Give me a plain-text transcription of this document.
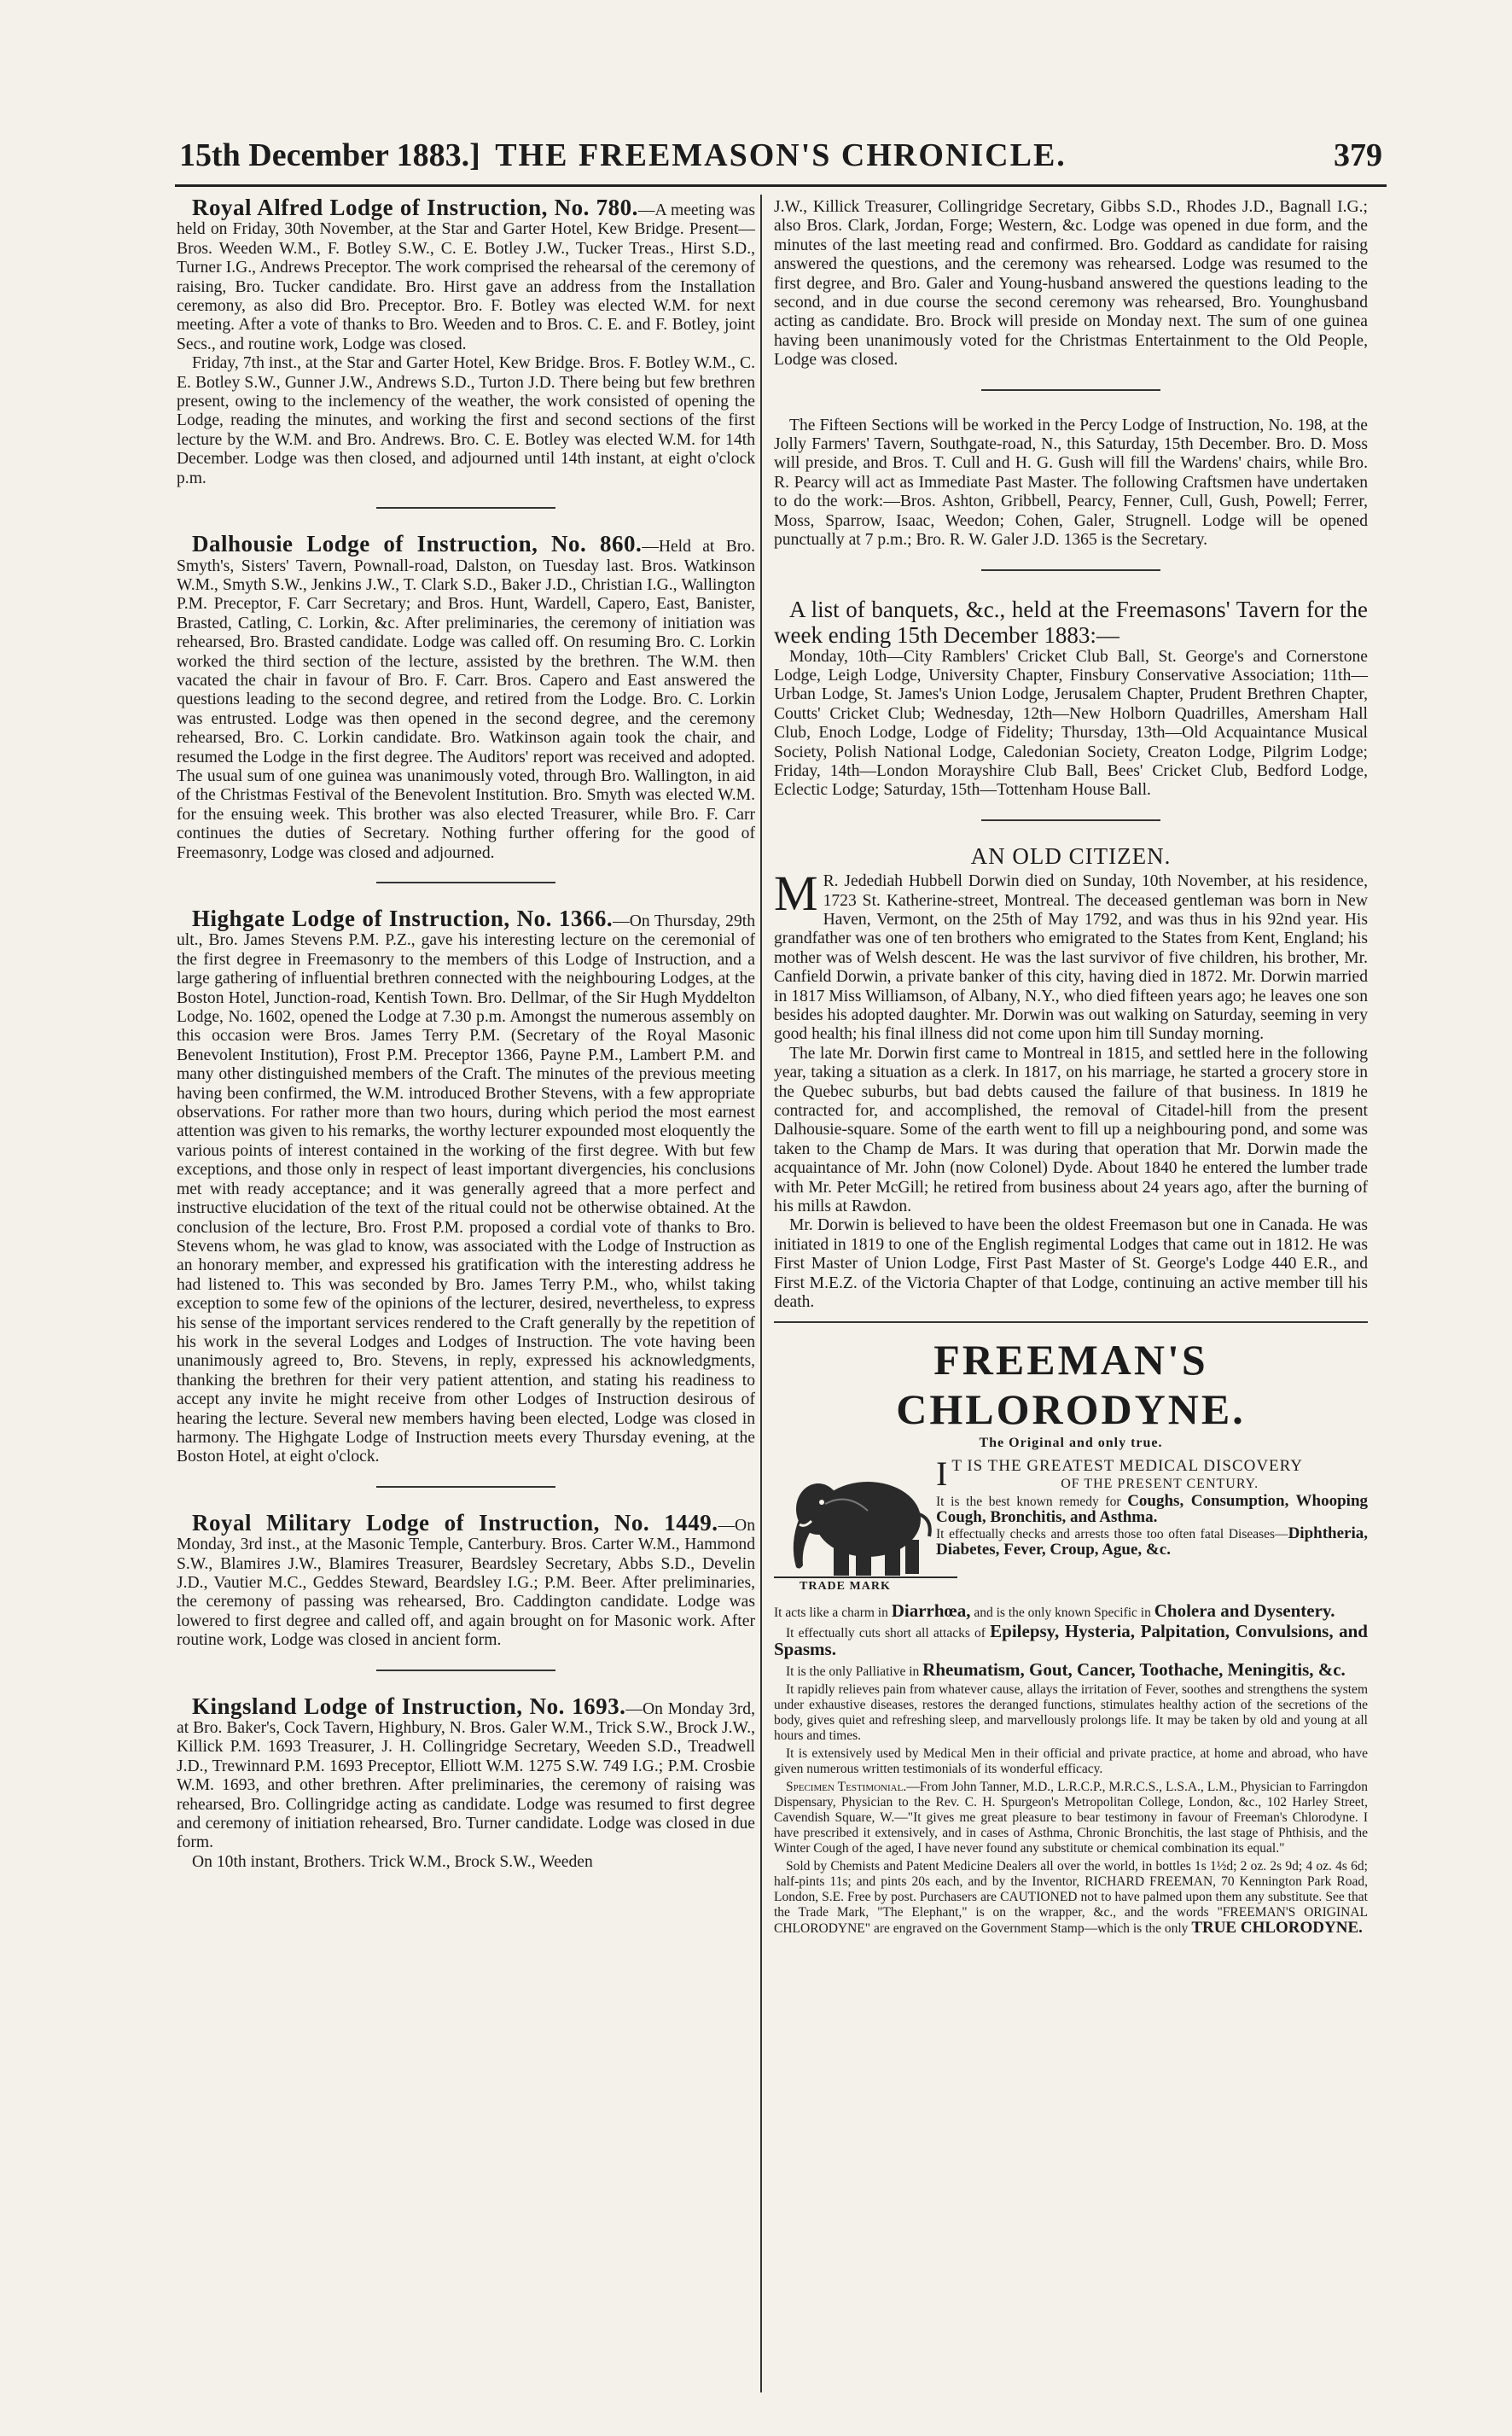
15th December 1883.] THE FREEMASON'S CHRONICLE.	379

Royal Alfred Lodge of Instruction, No. 780.—A meeting was held on Friday, 30th November, at the Star and Garter Hotel, Kew Bridge. Present—Bros. Weeden W.M., F. Botley S.W., C. E. Botley J.W., Tucker Treas., Hirst S.D., Turner I.G., Andrews Preceptor. The work comprised the rehearsal of the ceremony of raising, Bro. Tucker candidate. Bro. Hirst gave an address from the Installation ceremony, as also did Bro. Preceptor. Bro. F. Botley was elected W.M. for next meeting. After a vote of thanks to Bro. Weeden and to Bros. C. E. and F. Botley, joint Secs., and routine work, Lodge was closed.

Friday, 7th inst., at the Star and Garter Hotel, Kew Bridge. Bros. F. Botley W.M., C. E. Botley S.W., Gunner J.W., Andrews S.D., Turton J.D. There being but few brethren present, owing to the inclemency of the weather, the work consisted of opening the Lodge, reading the minutes, and working the first and second sections of the first lecture by the W.M. and Bro. Andrews. Bro. C. E. Botley was elected W.M. for 14th December. Lodge was then closed, and adjourned until 14th instant, at eight o'clock p.m.

Dalhousie Lodge of Instruction, No. 860.—Held at Bro. Smyth's, Sisters' Tavern, Pownall-road, Dalston, on Tuesday last. Bros. Watkinson W.M., Smyth S.W., Jenkins J.W., T. Clark S.D., Baker J.D., Christian I.G., Wallington P.M. Preceptor, F. Carr Secretary; and Bros. Hunt, Wardell, Capero, East, Banister, Brasted, Catling, C. Lorkin, &c. After preliminaries, the ceremony of initiation was rehearsed, Bro. Brasted candidate. Lodge was called off. On resuming Bro. C. Lorkin worked the third section of the lecture, assisted by the brethren. The W.M. then vacated the chair in favour of Bro. F. Carr. Bros. Capero and East answered the questions leading to the second degree, and retired from the Lodge. Bro. C. Lorkin was entrusted. Lodge was then opened in the second degree, and the ceremony rehearsed, Bro. C. Lorkin candidate. Bro. Watkinson again took the chair, and resumed the Lodge in the first degree. The Auditors' report was received and adopted. The usual sum of one guinea was unanimously voted, through Bro. Wallington, in aid of the Christmas Festival of the Benevolent Institution. Bro. Smyth was elected W.M. for the ensuing week. This brother was also elected Treasurer, while Bro. F. Carr continues the duties of Secretary. Nothing further offering for the good of Freemasonry, Lodge was closed and adjourned.

Highgate Lodge of Instruction, No. 1366.—On Thursday, 29th ult., Bro. James Stevens P.M. P.Z., gave his interesting lecture on the ceremonial of the first degree in Freemasonry to the members of this Lodge of Instruction, and a large gathering of influential brethren connected with the neighbouring Lodges, at the Boston Hotel, Junction-road, Kentish Town. Bro. Dellmar, of the Sir Hugh Myddelton Lodge, No. 1602, opened the Lodge at 7.30 p.m. Amongst the numerous assembly on this occasion were Bros. James Terry P.M. (Secretary of the Royal Masonic Benevolent Institution), Frost P.M. Preceptor 1366, Payne P.M., Lambert P.M. and many other distinguished members of the Craft. The minutes of the previous meeting having been confirmed, the W.M. introduced Brother Stevens, with a few appropriate observations. For rather more than two hours, during which period the most earnest attention was given to his remarks, the worthy lecturer expounded most eloquently the various points of interest contained in the working of the first degree. With but few exceptions, and those only in respect of least important divergencies, his conclusions met with ready acceptance; and it was generally agreed that a more perfect and instructive elucidation of the text of the ritual could not be otherwise obtained. At the conclusion of the lecture, Bro. Frost P.M. proposed a cordial vote of thanks to Bro. Stevens whom, he was glad to know, was associated with the Lodge of Instruction as an honorary member, and expressed his gratification with the interesting address he had listened to. This was seconded by Bro. James Terry P.M., who, whilst taking exception to some few of the opinions of the lecturer, desired, nevertheless, to express his sense of the important services rendered to the Craft generally by the repetition of his work in the several Lodges and Lodges of Instruction. The vote having been unanimously agreed to, Bro. Stevens, in reply, expressed his acknowledgments, thanking the brethren for their very patient attention, and stating his readiness to accept any invite he might receive from other Lodges of Instruction desirous of hearing the lecture. Several new members having been elected, Lodge was closed in harmony. The Highgate Lodge of Instruction meets every Thursday evening, at the Boston Hotel, at eight o'clock.

Royal Military Lodge of Instruction, No. 1449.—On Monday, 3rd inst., at the Masonic Temple, Canterbury. Bros. Carter W.M., Hammond S.W., Blamires J.W., Blamires Treasurer, Beardsley Secretary, Abbs S.D., Develin J.D., Vautier M.C., Geddes Steward, Beardsley I.G.; P.M. Beer. After preliminaries, the ceremony of passing was rehearsed, Bro. Caddington candidate. Lodge was lowered to first degree and called off, and again brought on for Masonic work. After routine work, Lodge was closed in ancient form.

Kingsland Lodge of Instruction, No. 1693.—On Monday 3rd, at Bro. Baker's, Cock Tavern, Highbury, N. Bros. Galer W.M., Trick S.W., Brock J.W., Killick P.M. 1693 Treasurer, J. H. Collingridge Secretary, Weeden S.D., Treadwell J.D., Trewinnard P.M. 1693 Preceptor, Elliott W.M. 1275 S.W. 749 I.G.; P.M. Crosbie W.M. 1693, and other brethren. After preliminaries, the ceremony of raising was rehearsed, Bro. Collingridge acting as candidate. Lodge was resumed to first degree and ceremony of initiation rehearsed, Bro. Turner candidate. Lodge was closed in due form.

On 10th instant, Brothers. Trick W.M., Brock S.W., Weeden

J.W., Killick Treasurer, Collingridge Secretary, Gibbs S.D., Rhodes J.D., Bagnall I.G.; also Bros. Clark, Jordan, Forge; Western, &c. Lodge was opened in due form, and the minutes of the last meeting read and confirmed. Bro. Goddard as candidate for raising answered the questions, and the ceremony was rehearsed. Lodge was resumed to the first degree, and Bro. Galer and Young-husband answered the questions leading to the second, and in due course the second ceremony was rehearsed, Bro. Younghusband acting as candidate. Bro. Brock will preside on Monday next. The sum of one guinea having been unanimously voted for the Christmas Entertainment to the Old People, Lodge was closed.

The Fifteen Sections will be worked in the Percy Lodge of Instruction, No. 198, at the Jolly Farmers' Tavern, Southgate-road, N., this Saturday, 15th December. Bro. D. Moss will preside, and Bros. T. Cull and H. G. Gush will fill the Wardens' chairs, while Bro. R. Pearcy will act as Immediate Past Master. The following Craftsmen have undertaken to do the work:—Bros. Ashton, Gribbell, Pearcy, Fenner, Cull, Gush, Powell; Ferrer, Moss, Sparrow, Isaac, Weedon; Cohen, Galer, Strugnell. Lodge will be opened punctually at 7 p.m.; Bro. R. W. Galer J.D. 1365 is the Secretary.

A list of banquets, &c., held at the Freemasons' Tavern for the week ending 15th December 1883:—

Monday, 10th—City Ramblers' Cricket Club Ball, St. George's and Cornerstone Lodge, Leigh Lodge, University Chapter, Finsbury Conservative Association; 11th—Urban Lodge, St. James's Union Lodge, Jerusalem Chapter, Prudent Brethren Chapter, Coutts' Cricket Club; Wednesday, 12th—New Holborn Quadrilles, Amersham Hall Club, Enoch Lodge, Lodge of Fidelity; Thursday, 13th—Old Acquaintance Musical Society, Polish National Lodge, Caledonian Society, Creaton Lodge, Pilgrim Lodge; Friday, 14th—London Morayshire Club Ball, Bees' Cricket Club, Bedford Lodge, Eclectic Lodge; Saturday, 15th—Tottenham House Ball.

AN OLD CITIZEN.

M R. Jedediah Hubbell Dorwin died on Sunday, 10th November, at his residence, 1723 St. Katherine-street, Montreal. The deceased gentleman was born in New Haven, Vermont, on the 25th of May 1792, and was thus in his 92nd year. His grandfather was one of ten brothers who emigrated to the States from Kent, England; his mother was of Welsh descent. He was the last survivor of five children, his brother, Mr. Canfield Dorwin, a private banker of this city, having died in 1872. Mr. Dorwin married in 1817 Miss Williamson, of Albany, N.Y., who died fifteen years ago; he leaves one son besides his adopted daughter. Mr. Dorwin was out walking on Saturday, seeming in very good health; his final illness did not come upon him till Sunday morning.

The late Mr. Dorwin first came to Montreal in 1815, and settled here in the following year, taking a situation as a clerk. In 1817, on his marriage, he started a grocery store in the Quebec suburbs, but bad debts caused the failure of that business. In 1819 he contracted for, and accomplished, the removal of Citadel-hill from the present Dalhousie-square. Some of the earth went to fill up a neighbouring pond, and some was taken to the Champ de Mars. It was during that operation that Mr. Dorwin made the acquaintance of Mr. John (now Colonel) Dyde. About 1840 he entered the lumber trade with Mr. Peter McGill; he retired from business about 24 years ago, after the burning of his mills at Rawdon.

Mr. Dorwin is believed to have been the oldest Freemason but one in Canada. He was initiated in 1819 to one of the English regimental Lodges that came out in 1812. He was First Master of Union Lodge, First Past Master of St. George's Lodge 440 E.R., and First M.E.Z. of the Victoria Chapter of that Lodge, continuing an active member till his death.

FREEMAN'S CHLORODYNE.
The Original and only true.
TRADE MARK
I T IS THE GREATEST MEDICAL DISCOVERY
OF THE PRESENT CENTURY.
It is the best known remedy for Coughs, Consumption, Whooping Cough, Bronchitis, and Asthma.
It effectually checks and arrests those too often fatal Diseases—Diphtheria, Diabetes, Fever, Croup, Ague, &c.

It acts like a charm in Diarrhœa, and is the only known Specific in Cholera and Dysentery.

It effectually cuts short all attacks of Epilepsy, Hysteria, Palpitation, Convulsions, and Spasms.

It is the only Palliative in Rheumatism, Gout, Cancer, Toothache, Meningitis, &c.

It rapidly relieves pain from whatever cause, allays the irritation of Fever, soothes and strengthens the system under exhaustive diseases, restores the deranged functions, stimulates healthy action of the secretions of the body, gives quiet and refreshing sleep, and marvellously prolongs life. It may be taken by old and young at all hours and times.

It is extensively used by Medical Men in their official and private practice, at home and abroad, who have given numerous written testimonials of its wonderful efficacy.

Specimen Testimonial.—From John Tanner, M.D., L.R.C.P., M.R.C.S., L.S.A., L.M., Physician to Farringdon Dispensary, Physician to the Rev. C. H. Spurgeon's Metropolitan College, London, &c., 102 Harley Street, Cavendish Square, W.—"It gives me great pleasure to bear testimony in favour of Freeman's Chlorodyne. I have prescribed it extensively, and in cases of Asthma, Chronic Bronchitis, the last stage of Phthisis, and the Winter Cough of the aged, I have never found any substitute or chemical combination its equal."

Sold by Chemists and Patent Medicine Dealers all over the world, in bottles 1s 1½d; 2 oz. 2s 9d; 4 oz. 4s 6d; half-pints 11s; and pints 20s each, and by the Inventor, RICHARD FREEMAN, 70 Kennington Park Road, London, S.E. Free by post. Purchasers are CAUTIONED not to have palmed upon them any substitute. See that the Trade Mark, "The Elephant," is on the wrapper, &c., and the words "FREEMAN'S ORIGINAL CHLORODYNE" are engraved on the Government Stamp—which is the only TRUE CHLORODYNE.
